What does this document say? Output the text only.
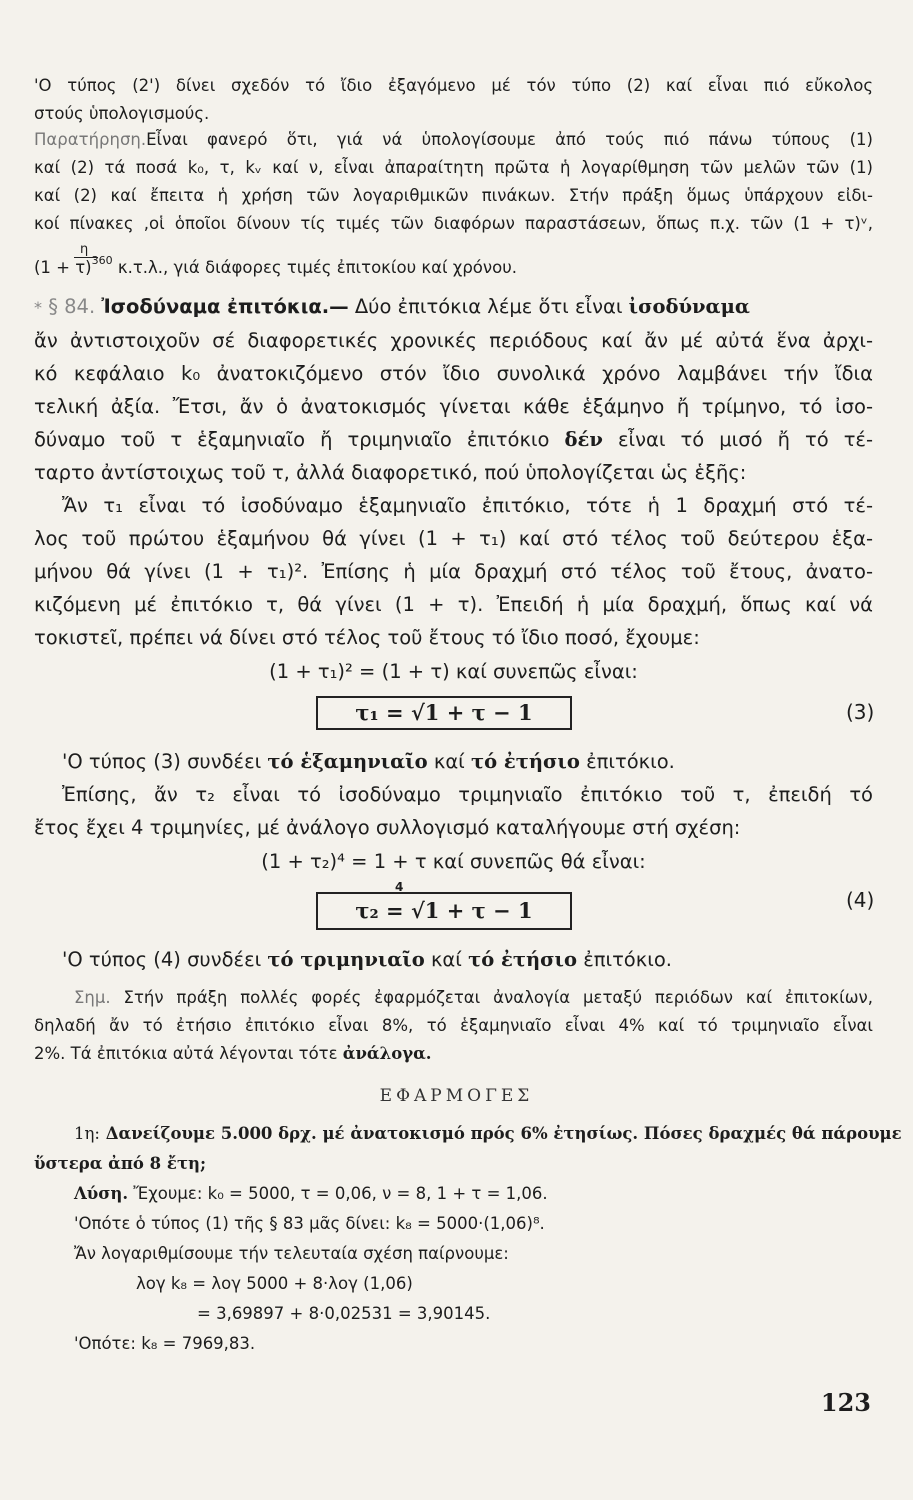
'Ο τύπος (2') δίνει σχεδόν τό ἴδιο ἐξαγόμενο μέ τόν τύπο (2) καί εἶναι πιό εὔκολος
στούς ὑπολογισμούς.
Παρατήρηση.Εἶναι φανερό ὅτι, γιά νά ὑπολογίσουμε ἀπό τούς πιό πάνω τύπους (1)
καί (2) τά ποσά k₀, τ, kᵥ καί ν, εἶναι ἀπαραίτητη πρῶτα ἡ λογαρίθμηση τῶν μελῶν τῶν (1)
καί (2) καί ἔπειτα ἡ χρήση τῶν λογαριθμικῶν πινάκων. Στήν πράξη ὅμως ὑπάρχουν εἰδι-
κοί πίνακες ,οἱ ὁποῖοι δίνουν τίς τιμές τῶν διαφόρων παραστάσεων, ὅπως π.χ. τῶν (1 + τ)ᵛ,
η
$(1 + \tau)^{360}$ κ.τ.λ., γιά διάφορες τιμές ἐπιτοκίου καί χρόνου.
* § 84. Ἰσοδύναμα ἐπιτόκια.— Δύο ἐπιτόκια λέμε ὅτι εἶναι ἰσοδύναμα
ἄν ἀντιστοιχοῦν σέ διαφορετικές χρονικές περιόδους καί ἄν μέ αὐτά ἕνα ἀρχι-
κό κεφάλαιο k₀ ἀνατοκιζόμενο στόν ἴδιο συνολικά χρόνο λαμβάνει τήν ἴδια
τελική ἀξία. Ἔτσι, ἄν ὁ ἀνατοκισμός γίνεται κάθε ἑξάμηνο ἤ τρίμηνο, τό ἰσο-
δύναμο τοῦ τ ἑξαμηνιαῖο ἤ τριμηνιαῖο ἐπιτόκιο δέν εἶναι τό μισό ἤ τό τέ-
ταρτο ἀντίστοιχως τοῦ τ, ἀλλά διαφορετικό, πού ὑπολογίζεται ὡς ἑξῆς:
Ἄν τ₁ εἶναι τό ἰσοδύναμο ἑξαμηνιαῖο ἐπιτόκιο, τότε ἡ 1 δραχμή στό τέ-
λος τοῦ πρώτου ἑξαμήνου θά γίνει (1 + τ₁) καί στό τέλος τοῦ δεύτερου ἑξα-
μήνου θά γίνει (1 + τ₁)². Ἐπίσης ἡ μία δραχμή στό τέλος τοῦ ἔτους, ἀνατο-
κιζόμενη μέ ἐπιτόκιο τ, θά γίνει (1 + τ). Ἐπειδή ἡ μία δραχμή, ὅπως καί νά
τοκιστεῖ, πρέπει νά δίνει στό τέλος τοῦ ἔτους τό ἴδιο ποσό, ἔχουμε:
(1 + τ₁)² = (1 + τ) καί συνεπῶς εἶναι:
τ₁ = √1 + τ − 1	(3)
'Ο τύπος (3) συνδέει τό ἑξαμηνιαῖο καί τό ἐτήσιο ἐπιτόκιο.
Ἐπίσης, ἄν τ₂ εἶναι τό ἰσοδύναμο τριμηνιαῖο ἐπιτόκιο τοῦ τ, ἐπειδή τό
ἔτος ἔχει 4 τριμηνίες, μέ ἀνάλογο συλλογισμό καταλήγουμε στή σχέση:
(1 + τ₂)⁴ = 1 + τ καί συνεπῶς θά εἶναι:
4
τ₂ = √1 + τ − 1	(4)
'Ο τύπος (4) συνδέει τό τριμηνιαῖο καί τό ἐτήσιο ἐπιτόκιο.
Σημ. Στήν πράξη πολλές φορές ἐφαρμόζεται ἀναλογία μεταξύ περιόδων καί ἐπιτοκίων,
δηλαδή ἄν τό ἐτήσιο ἐπιτόκιο εἶναι 8%, τό ἑξαμηνιαῖο εἶναι 4% καί τό τριμηνιαῖο εἶναι
2%. Τά ἐπιτόκια αὐτά λέγονται τότε ἀνάλογα.
ΕΦΑΡΜΟΓΕΣ
1η: Δανείζουμε 5.000 δρχ. μέ ἀνατοκισμό πρός 6% ἐτησίως. Πόσες δραχμές θά πάρουμε
ὕστερα ἀπό 8 ἔτη;
Λύση. Ἔχουμε: k₀ = 5000, τ = 0,06, ν = 8, 1 + τ = 1,06.
'Οπότε ὁ τύπος (1) τῆς § 83 μᾶς δίνει: k₈ = 5000·(1,06)⁸.
Ἄν λογαριθμίσουμε τήν τελευταία σχέση παίρνουμε:
λογ k₈ = λογ 5000 + 8·λογ (1,06)
= 3,69897 + 8·0,02531 = 3,90145.
'Οπότε: k₈ = 7969,83.
123
